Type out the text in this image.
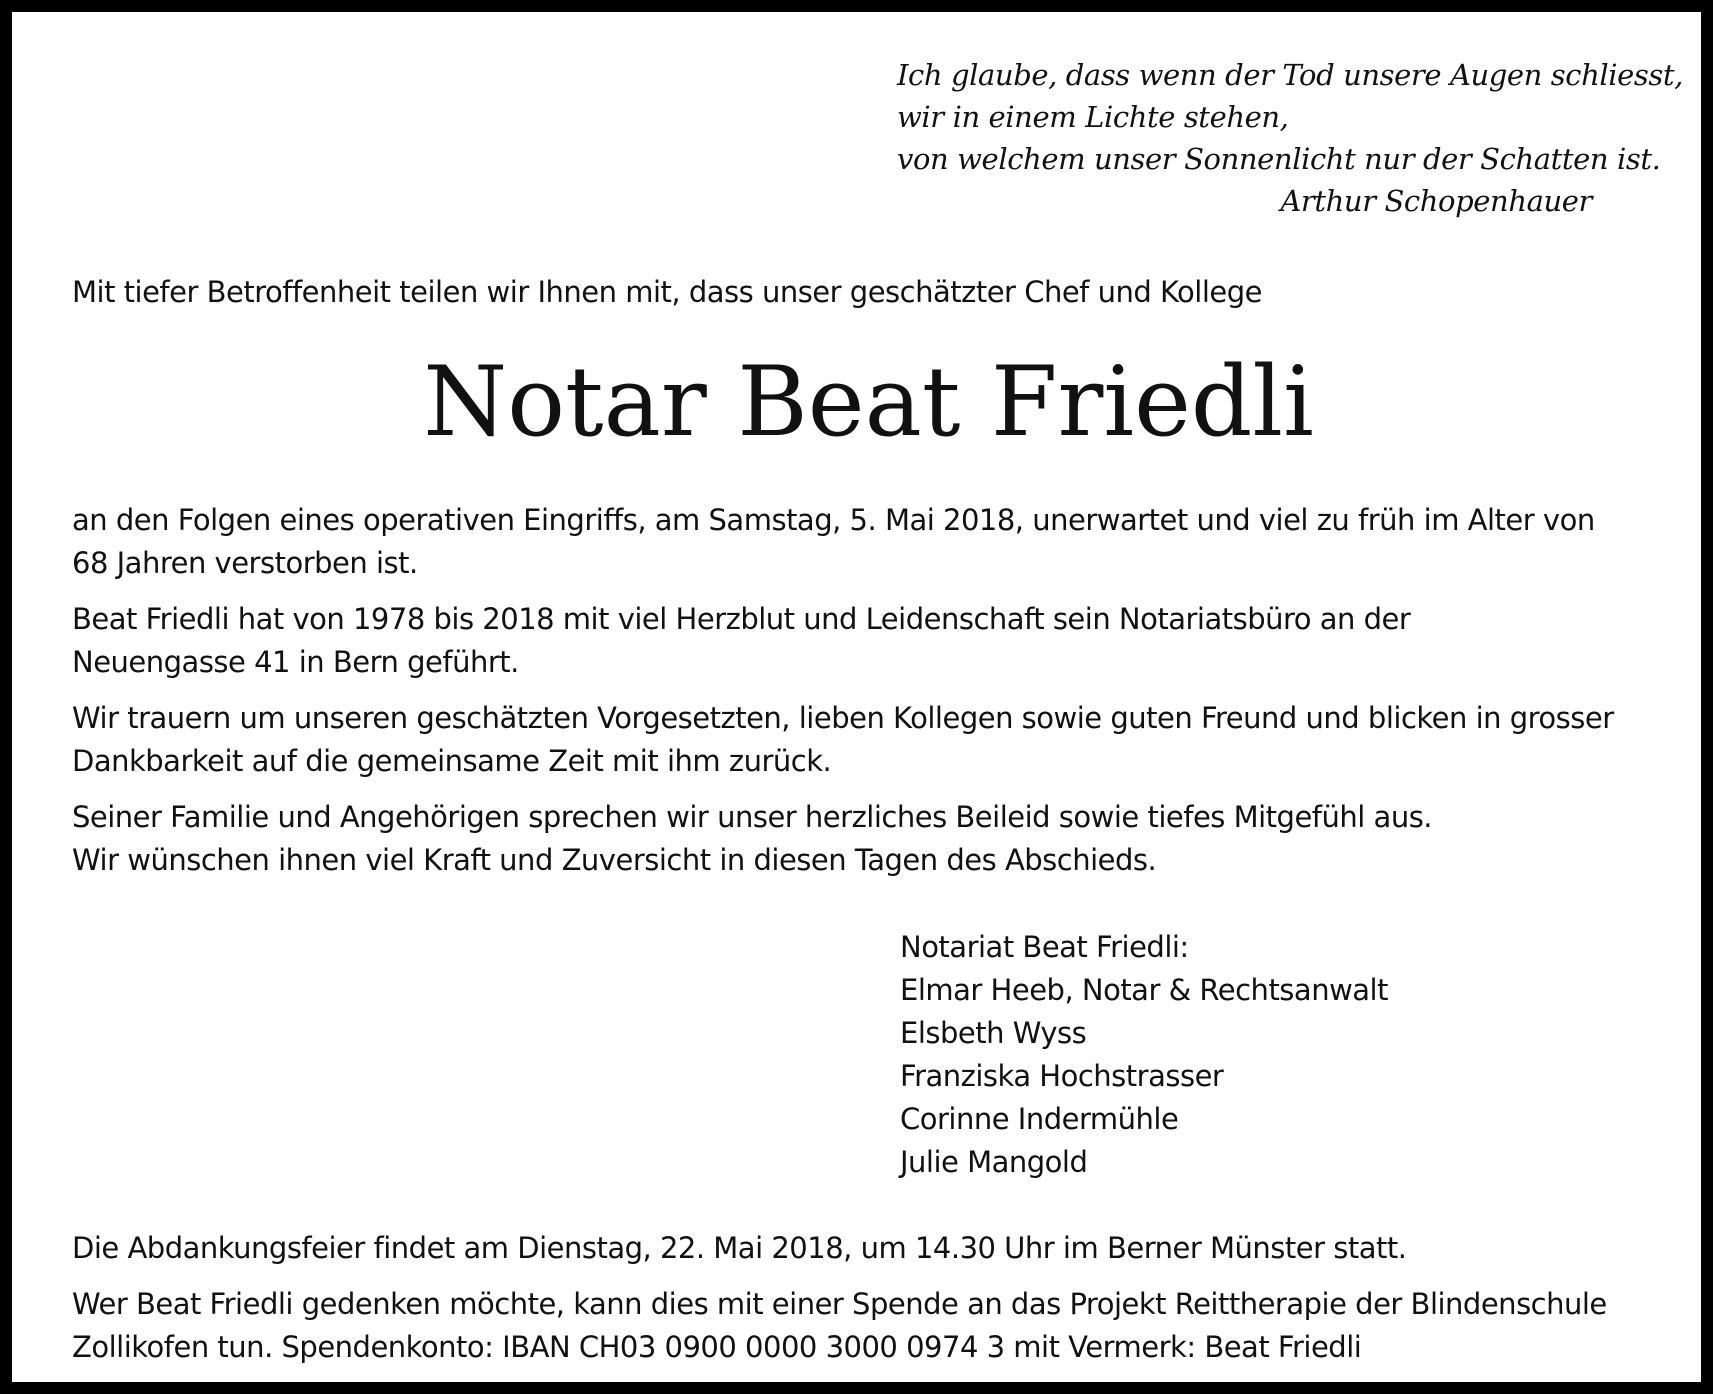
Ich glaube, dass wenn der Tod unsere Augen schliesst,
wir in einem Lichte stehen,
von welchem unser Sonnenlicht nur der Schatten ist.
Arthur Schopenhauer
Mit tiefer Betroffenheit teilen wir Ihnen mit, dass unser geschätzter Chef und Kollege
Notar Beat Friedli

an den Folgen eines operativen Eingriffs, am Samstag, 5. Mai 2018, unerwartet und viel zu früh im Alter von
68 Jahren verstorben ist.

Beat Friedli hat von 1978 bis 2018 mit viel Herzblut und Leidenschaft sein Notariatsbüro an der
Neuengasse 41 in Bern geführt.

Wir trauern um unseren geschätzten Vorgesetzten, lieben Kollegen sowie guten Freund und blicken in grosser
Dankbarkeit auf die gemeinsame Zeit mit ihm zurück.

Seiner Familie und Angehörigen sprechen wir unser herzliches Beileid sowie tiefes Mitgefühl aus.
Wir wünschen ihnen viel Kraft und Zuversicht in diesen Tagen des Abschieds.

Notariat Beat Friedli:
Elmar Heeb, Notar & Rechtsanwalt
Elsbeth Wyss
Franziska Hochstrasser
Corinne Indermühle
Julie Mangold

Die Abdankungsfeier findet am Dienstag, 22. Mai 2018, um 14.30 Uhr im Berner Münster statt.

Wer Beat Friedli gedenken möchte, kann dies mit einer Spende an das Projekt Reittherapie der Blindenschule
Zollikofen tun. Spendenkonto: IBAN CH03 0900 0000 3000 0974 3 mit Vermerk: Beat Friedli
